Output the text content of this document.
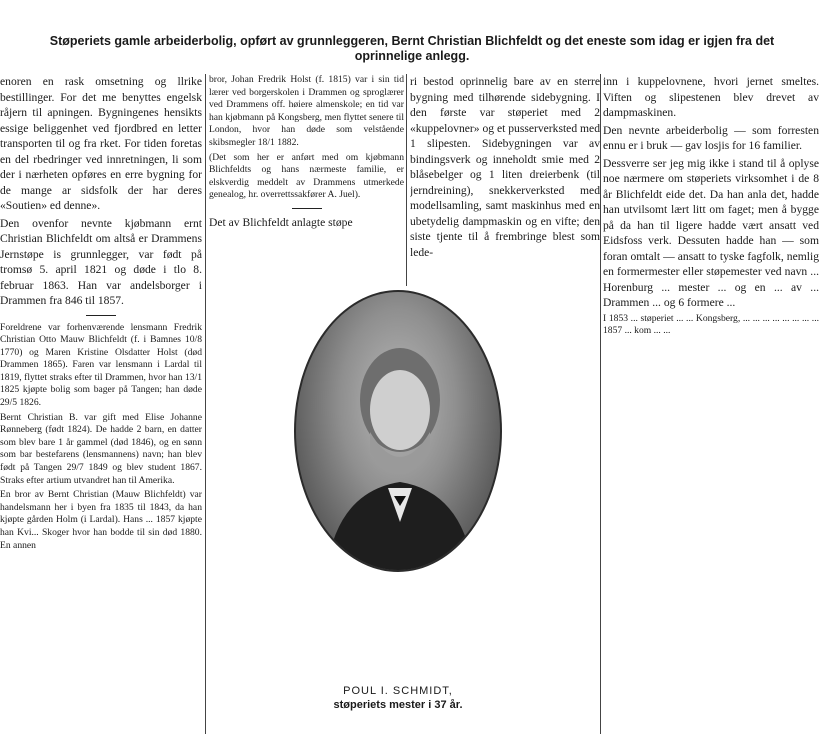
Støperiets gamle arbeiderbolig, opført av grunnleggeren, Bernt Christian Blichfeldt og det eneste som idag er igjen fra det
oprinnelige anlegg.

enoren en rask omsetning og llrike bestillinger. For det me benyttes engelsk råjern til apningen. Bygningenes hensikts essige beliggenhet ved fjordbred en letter transporten til og fra rket. For tiden foretas en del rbedringer ved innretningen, li som der i nærheten opføres en erre bygning for de mange ar sidsfolk der har deres «Soutien» ed denne».

Den ovenfor nevnte kjøbmann ernt Christian Blichfeldt om altså er Drammens Jernstøpe is grunnlegger, var født på tromsø 5. april 1821 og døde i tlo 8. februar 1863. Han var andelsborger i Drammen fra 846 til 1857.

Foreldrene var forhenværende lensmann Fredrik Christian Otto Mauw Blichfeldt (f. i Bamnes 10/8 1770) og Maren Kristine Olsdatter Holst (død Drammen 1865). Faren var lensmann i Lardal til 1819, flyttet straks efter til Drammen, hvor han 13/1 1825 kjøpte bolig som bager på Tangen; han døde 29/5 1826.

Bernt Christian B. var gift med Elise Johanne Rønneberg (født 1824). De hadde 2 barn, en datter som blev bare 1 år gammel (død 1846), og en sønn som bar bestefarens (lensmannens) navn; han blev født på Tangen 29/7 1849 og blev student 1867. Straks efter artium utvandret han til Amerika.

En bror av Bernt Christian (Mauw Blichfeldt) var handelsmann her i byen fra 1835 til 1843, da han kjøpte gården Holm (i Lardal). Hans ... 1857 kjøpte han Kvi... Skoger hvor han bodde til sin død 1880. En annen

bror, Johan Fredrik Holst (f. 1815) var i sin tid lærer ved borgerskolen i Drammen og sproglærer ved Drammens off. høiere almenskole; en tid var han kjøbmann på Kongsberg, men flyttet senere til London, hvor han døde som velstående skibsmegler 18/1 1882.

(Det som her er anført med om kjøbmann Blichfeldts og hans nærmeste familie, er elskverdig meddelt av Drammens utmerkede genealog, hr. overrettssakfører A. Juel).

Det av Blichfeldt anlagte støpe

ri bestod oprinnelig bare av en sterre bygning med tilhørende sidebygning. I den første var støperiet med 2 «kuppelovner» og et pusserverksted med 1 slipesten. Sidebygningen var av bindingsverk og inneholdt smie med 2 blåsebelger og 1 liten dreierbenk (til jerndreining), snekkerverksted med modellsamling, samt maskinhus med en ubetydelig dampmaskin og en vifte; den siste tjente til å frembringe blest som lede-

inn i kuppelovnene, hvori jernet smeltes. Viften og slipestenen blev drevet av dampmaskinen.

Den nevnte arbeiderbolig — som forresten ennu er i bruk — gav losjis for 16 familier.

Dessverre ser jeg mig ikke i stand til å oplyse noe nærmere om støperiets virksomhet i de 8 år Blichfeldt eide det. Da han anla det, hadde han utvilsomt lært litt om faget; men å bygge på da han til ligere hadde vært ansatt ved Eidsfoss verk. Dessuten hadde han — som foran omtalt — ansatt to tyske fagfolk, nemlig en formermester eller støpemester ved navn ... Horenburg ... mester ... og en ... av ... Drammen ... og 6 formere ...

I 1853 ... støperiet ... ... Kongsberg, ... ... ... ... ... ... ... ... 1857 ... kom ... ...

POUL I. SCHMIDT,
støperiets mester i 37 år.
